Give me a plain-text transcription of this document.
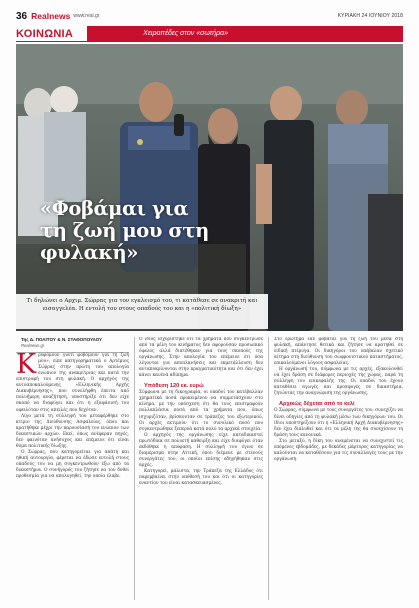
36 Realnews www.real.gr	ΚΥΡΙΑΚΗ 24 ΙΟΥΝΙΟΥ 2018
ΚΟΙΝΩΝΙΑ	Χειροπέδες στον «σωτήρα»
«Φοβάμαι για τη ζωή μου στη φυλακή»

Τι δηλώνει ο Αρχιμ. Σώρρας για τον εγκλεισμό του, τι κατάθεσε σε ανακριτή και εισαγγελέα. Η εντολή του στους οπαδούς του και η «πολιτική δίωξη»

Της Δ. ΠΟΛΙΤΟΥ & Ν. ΣΤΑΘΟΠΟΥΛΟΥ

Realnews.gr

Κρυφόμουν γιατί φοβόμουν για τη ζωή μου», είπε κατηγορηματικά ο Αρτέμιος Σώρρας στην πρώτη του απολογία ενώπιον της ανακρίτριας και κατά την επιστροφή του στη φυλακή. Ο αρχηγός της αυτοαποκαλούμενης «Ελληνικής Αρχής Διακυβέρνησης», που συνελήφθη έπειτα από πολυήμερη αναζήτηση, υποστήριξε ότι δεν είχε σκοπό να διαφύγει και ότι η εξαφάνισή του οφειλόταν στις απειλές που δεχόταν.

Λίγο μετά τη σύλληψή του μεταφέρθηκε στο κτίριο της Διεύθυνσης Ασφαλείας, όπου και κρατήθηκε μέχρι την παρουσίασή του ενώπιον των δικαστικών αρχών. Εκεί, όπως ανέφεραν πηγές, δεν φαινόταν ανήσυχος και επέμεινε ότι είναι θύμα πολιτικής δίωξης.

Ο Σώρρας, που κατηγορείται για απάτη και ηθική αυτουργία, φέρεται να έδωσε εντολή στους οπαδούς του να μη συγκεντρωθούν έξω από τα δικαστήρια. Ο συνήγορός του ζήτησε να του δοθεί προθεσμία για να απολογηθεί, την οποία έλαβε.

Ο ίδιος ισχυρίστηκε ότι τα χρήματα που συγκέντρωσε από τα μέλη του κινήματος δεν αφορούσαν προσωπικό όφελος αλλά διατέθηκαν για τους σκοπούς της οργάνωσης. Στην απολογία του επέμεινε ότι όσα λέγονται για αποπλανήσεις και εκμετάλλευση δεν ανταποκρίνονται στην πραγματικότητα και ότι δεν έχει κάνει κανένα αδίκημα.

Υπόθεση 120 εκ. ευρώ

Σύμφωνα με τη δικογραφία, οι οπαδοί του κατέβαλλαν χρηματικά ποσά προκειμένου να συμμετάσχουν στο κίνημα, με την υπόσχεση ότι θα τους επιστραφούν πολλαπλάσια ποσά από τα χρήματα που, όπως ισχυριζόταν, βρίσκονταν σε τράπεζες του εξωτερικού. Οι αρχές εκτιμούν ότι το συνολικό ποσό που συγκεντρώθηκε ξεπερνά κατά πολύ τα αρχικά στοιχεία.

Ο αρχηγός της οργάνωσης είχε καταδικαστεί πρωτόδικα σε πολυετή κάθειρξη και είχε διαφύγει όταν εκδόθηκε η απόφαση. Η σύλληψή του έγινε σε διαμέρισμα στην Αττική, όπου διέμενε με στενούς συνεργάτες του, οι οποίοι επίσης οδηγήθηκαν στις αρχές.

Κατηγορεί, μάλιστα, την Τράπεζα της Ελλάδος ότι παρεμβαίνει στην υπόθεσή του και ότι οι κατηγορίες εναντίον του είναι κατασκευασμένες.

Στο ερώτημα εάν φοβάται για τη ζωή του μέσα στη φυλακή, απάντησε θετικά και ζήτησε να κρατηθεί σε ειδική πτέρυγα. Οι δικηγόροι του υπέβαλαν σχετικό αίτημα στη διεύθυνση του σωφρονιστικού καταστήματος, επικαλούμενοι λόγους ασφαλείας.

Η οργάνωσή του, σύμφωνα με τις αρχές, εξακολουθεί να έχει δράση σε διάφορες περιοχές της χώρας, παρά τη σύλληψη του επικεφαλής της. Οι οπαδοί του έχουν καταθέσει αγωγές και προσφυγές σε δικαστήρια, ζητώντας την αναγνώριση της οργάνωσης.

Αρχικώς δέχεται από το κελί

Ο Σώρρας, σύμφωνα με τους συνεργάτες του, συνεχίζει να δίνει οδηγίες από τη φυλακή μέσω των δικηγόρων του. Οι ίδιοι υποστηρίζουν ότι η «Ελληνική Αρχή Διακυβέρνησης» δεν έχει διαλυθεί και ότι τα μέλη της θα συνεχίσουν τη δράση τους κανονικά.

Στο μεταξύ, η δίκη του αναμένεται να συνεχιστεί τις επόμενες εβδομάδες, με δεκάδες μάρτυρες κατηγορίας να καλούνται να καταθέσουν για τις συναλλαγές τους με την οργάνωση.
